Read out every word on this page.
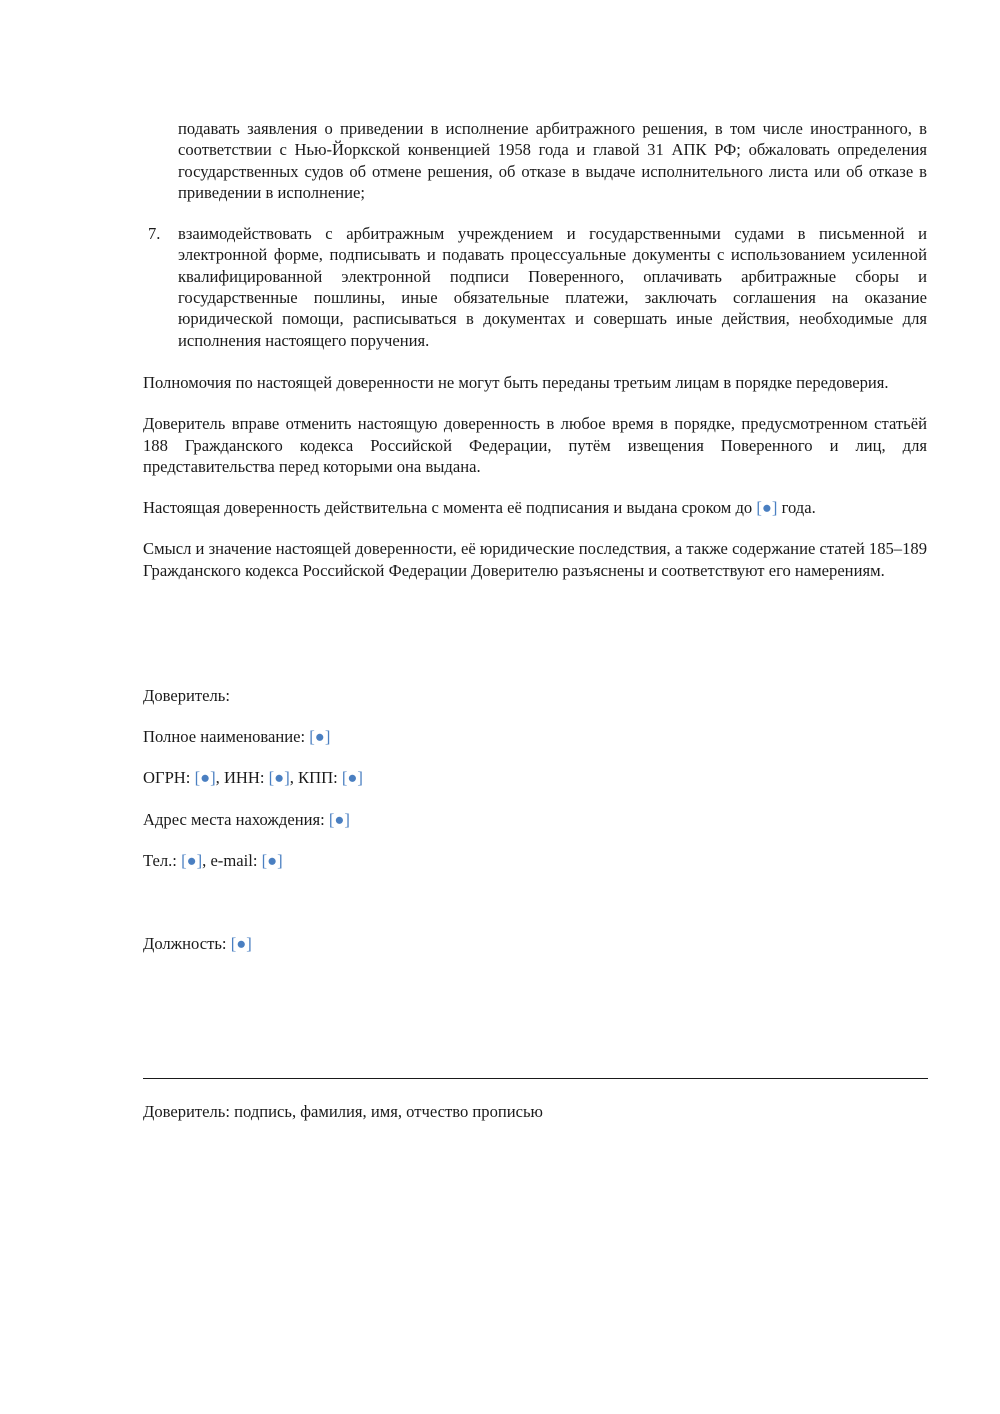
подавать заявления о приведении в исполнение арбитражного решения, в том числе иностранного, в соответствии с Нью-Йоркской конвенцией 1958 года и главой 31 АПК РФ; обжаловать определения государственных судов об отмене решения, об отказе в выдаче исполнительного листа или об отказе в приведении в исполнение;

7. взаимодействовать с арбитражным учреждением и государственными судами в письменной и электронной форме, подписывать и подавать процессуальные документы с использованием усиленной квалифицированной электронной подписи Поверенного, оплачивать арбитражные сборы и государственные пошлины, иные обязательные платежи, заключать соглашения на оказание юридической помощи, расписываться в документах и совершать иные действия, необходимые для исполнения настоящего поручения.

Полномочия по настоящей доверенности не могут быть переданы третьим лицам в порядке передоверия.

Доверитель вправе отменить настоящую доверенность в любое время в порядке, предусмотренном статьёй 188 Гражданского кодекса Российской Федерации, путём извещения Поверенного и лиц, для представительства перед которыми она выдана.

Настоящая доверенность действительна с момента её подписания и выдана сроком до [●] года.

Смысл и значение настоящей доверенности, её юридические последствия, а также содержание статей 185–189 Гражданского кодекса Российской Федерации Доверителю разъяснены и соответствуют его намерениям.

Доверитель:

Полное наименование: [●]

ОГРН: [●], ИНН: [●], КПП: [●]

Адрес места нахождения: [●]

Тел.: [●], e-mail: [●]

Должность: [●]

Доверитель: подпись, фамилия, имя, отчество прописью
